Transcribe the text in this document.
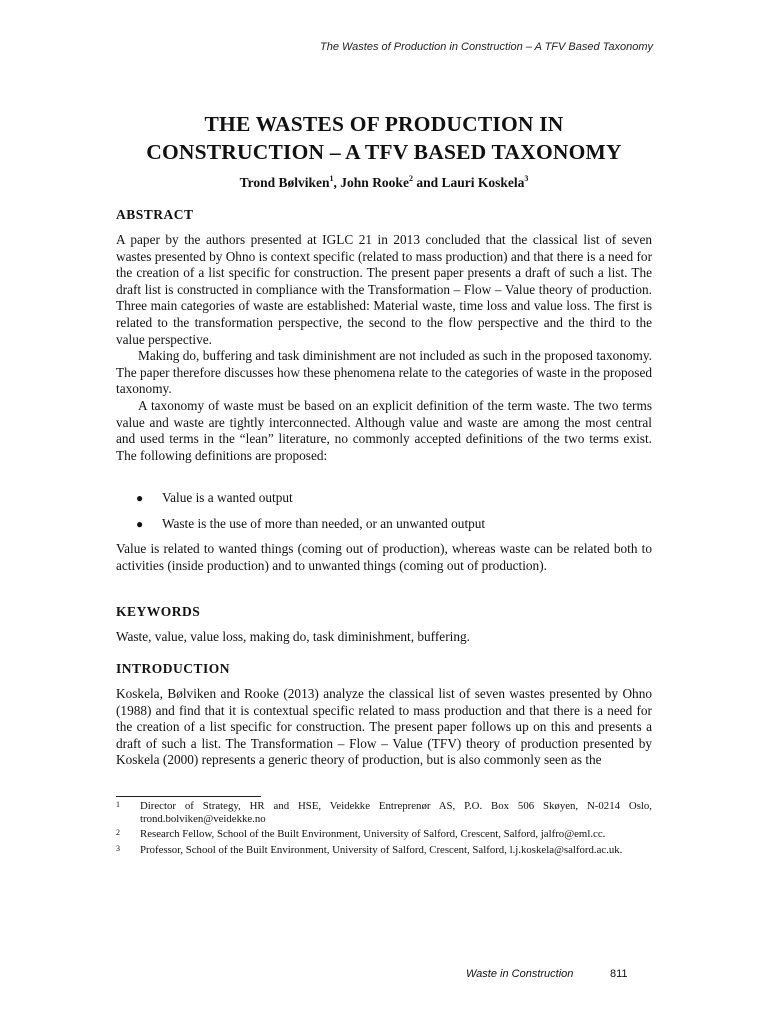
The Wastes of Production in Construction – A TFV Based Taxonomy
THE WASTES OF PRODUCTION IN
CONSTRUCTION – A TFV BASED TAXONOMY
Trond Bølviken$^1$, John Rooke$^2$ and Lauri Koskela$^3$
ABSTRACT

A paper by the authors presented at IGLC 21 in 2013 concluded that the classical list of seven wastes presented by Ohno is context specific (related to mass production) and that there is a need for the creation of a list specific for construction. The present paper presents a draft of such a list. The draft list is constructed in compliance with the Transformation – Flow – Value theory of production. Three main categories of waste are established: Material waste, time loss and value loss. The first is related to the transformation perspective, the second to the flow perspective and the third to the value perspective.

Making do, buffering and task diminishment are not included as such in the proposed taxonomy. The paper therefore discusses how these phenomena relate to the categories of waste in the proposed taxonomy.

A taxonomy of waste must be based on an explicit definition of the term waste. The two terms value and waste are tightly interconnected. Although value and waste are among the most central and used terms in the “lean” literature, no commonly accepted definitions of the two terms exist. The following definitions are proposed:

●	Value is a wanted output
●	Waste is the use of more than needed, or an unwanted output

Value is related to wanted things (coming out of production), whereas waste can be related both to activities (inside production) and to unwanted things (coming out of production).

KEYWORDS
Waste, value, value loss, making do, task diminishment, buffering.
INTRODUCTION

Koskela, Bølviken and Rooke (2013) analyze the classical list of seven wastes presented by Ohno (1988) and find that it is contextual specific related to mass production and that there is a need for the creation of a list specific for construction. The present paper follows up on this and presents a draft of such a list. The Transformation – Flow – Value (TFV) theory of production presented by Koskela (2000) represents a generic theory of production, but is also commonly seen as the

1	Director of Strategy, HR and HSE, Veidekke Entreprenør AS, P.O. Box 506 Skøyen, N-0214 Oslo, trond.bolviken@veidekke.no
2	Research Fellow, School of the Built Environment, University of Salford, Crescent, Salford, jalfro@eml.cc.
3	Professor, School of the Built Environment, University of Salford, Crescent, Salford, l.j.koskela@salford.ac.uk.
Waste in Construction	811
